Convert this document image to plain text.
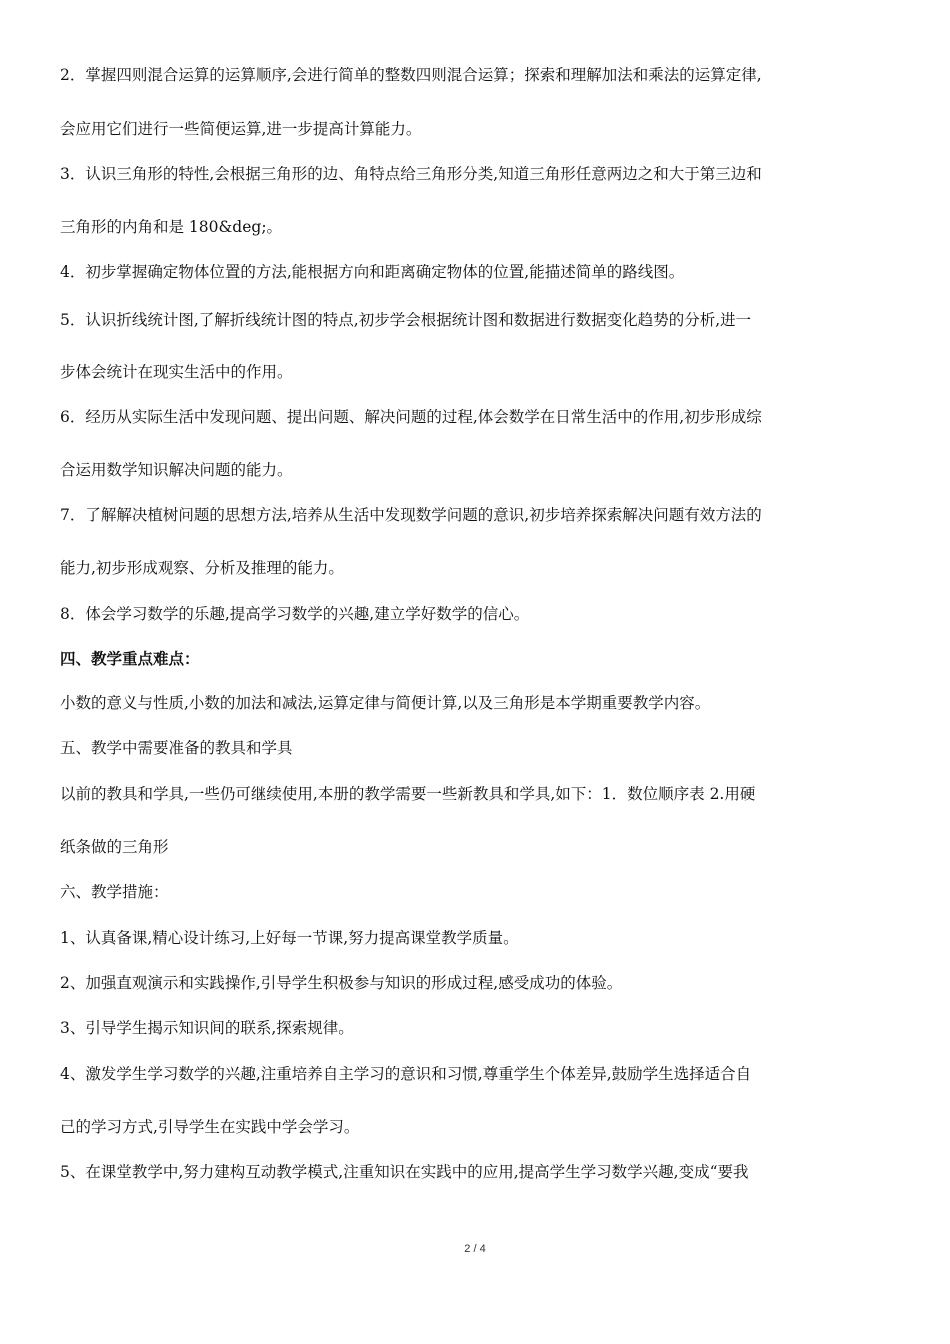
2．掌握四则混合运算的运算顺序,会进行简单的整数四则混合运算；探索和理解加法和乘法的运算定律,
会应用它们进行一些简便运算,进一步提高计算能力。
3．认识三角形的特性,会根据三角形的边、角特点给三角形分类,知道三角形任意两边之和大于第三边和
三角形的内角和是 180&deg;。
4．初步掌握确定物体位置的方法,能根据方向和距离确定物体的位置,能描述简单的路线图。
5．认识折线统计图,了解折线统计图的特点,初步学会根据统计图和数据进行数据变化趋势的分析,进一
步体会统计在现实生活中的作用。
6．经历从实际生活中发现问题、提出问题、解决问题的过程,体会数学在日常生活中的作用,初步形成综
合运用数学知识解决问题的能力。
7．了解解决植树问题的思想方法,培养从生活中发现数学问题的意识,初步培养探索解决问题有效方法的
能力,初步形成观察、分析及推理的能力。
8．体会学习数学的乐趣,提高学习数学的兴趣,建立学好数学的信心。
四、教学重点难点：
小数的意义与性质,小数的加法和减法,运算定律与简便计算,以及三角形是本学期重要教学内容。
五、教学中需要准备的教具和学具
以前的教具和学具,一些仍可继续使用,本册的教学需要一些新教具和学具,如下：1．数位顺序表 2.用硬
纸条做的三角形
六、教学措施：
1、认真备课,精心设计练习,上好每一节课,努力提高课堂教学质量。
2、加强直观演示和实践操作,引导学生积极参与知识的形成过程,感受成功的体验。
3、引导学生揭示知识间的联系,探索规律。
4、激发学生学习数学的兴趣,注重培养自主学习的意识和习惯,尊重学生个体差异,鼓励学生选择适合自
己的学习方式,引导学生在实践中学会学习。
5、在课堂教学中,努力建构互动教学模式,注重知识在实践中的应用,提高学生学习数学兴趣,变成“要我
2 / 4
